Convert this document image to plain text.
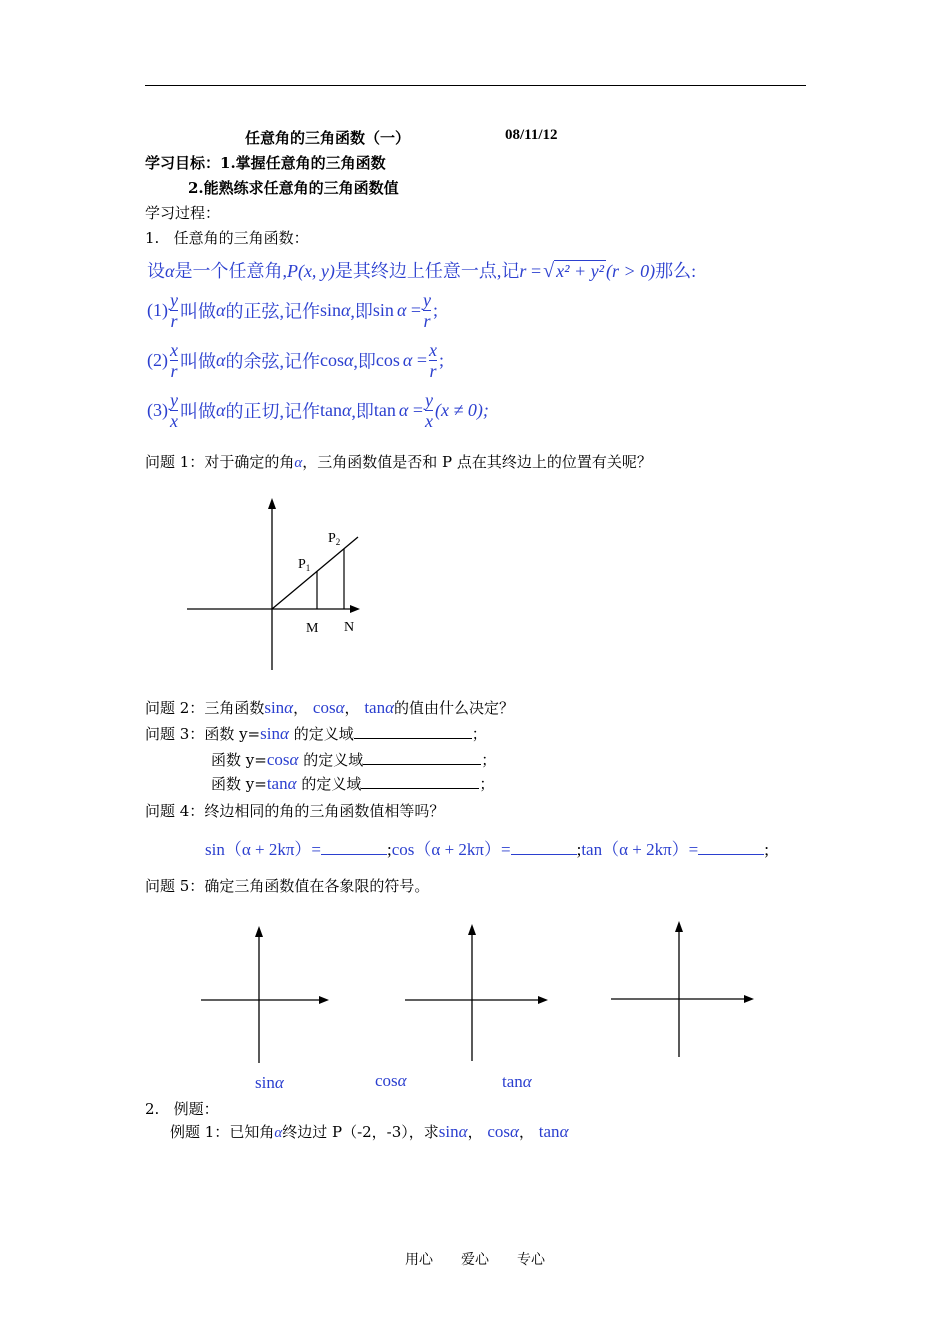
任意角的三角函数（一）	08/11/12
学习目标：1.掌握任意角的三角函数
2.能熟练求任意角的三角函数值
学习过程：
1. 任意角的三角函数：
设α是一个任意角,P(x, y)是其终边上任意一点,记r = √ x² + y² (r > 0)那么:
$(1) \frac{y}{r}$ 叫做α的正弦,记作sinα,即$\sin \alpha = \frac{y}{r}$ ;
$(2) \frac{x}{r}$ 叫做α的余弦,记作cosα,即$\cos \alpha = \frac{x}{r}$ ;
$(3) \frac{y}{x}$ 叫做α的正切,记作tanα,即$\tan \alpha = \frac{y}{x} (x \ne 0)$;
问题 1：对于确定的角α，三角函数值是否和 P 点在其终边上的位置有关呢？
$P_1$
$P_2$
M N
问题 2：三角函数sinα， cosα， tanα的值由什么决定？
问题 3：函数 y=sinα 的定义域	；
函数 y=cosα 的定义域	；
函数 y=tanα 的定义域	；
问题 4：终边相同的角的三角函数值相等吗？
sin（α + 2kπ）=	;cos（α + 2kπ）=	;tan（α + 2kπ）=	;
问题 5：确定三角函数值在各象限的符号。
sinα	cosα	tanα
2. 例题：
例题 1：已知角α终边过 P（-2，-3），求sinα， cosα， tanα
用心　　爱心　　专心
